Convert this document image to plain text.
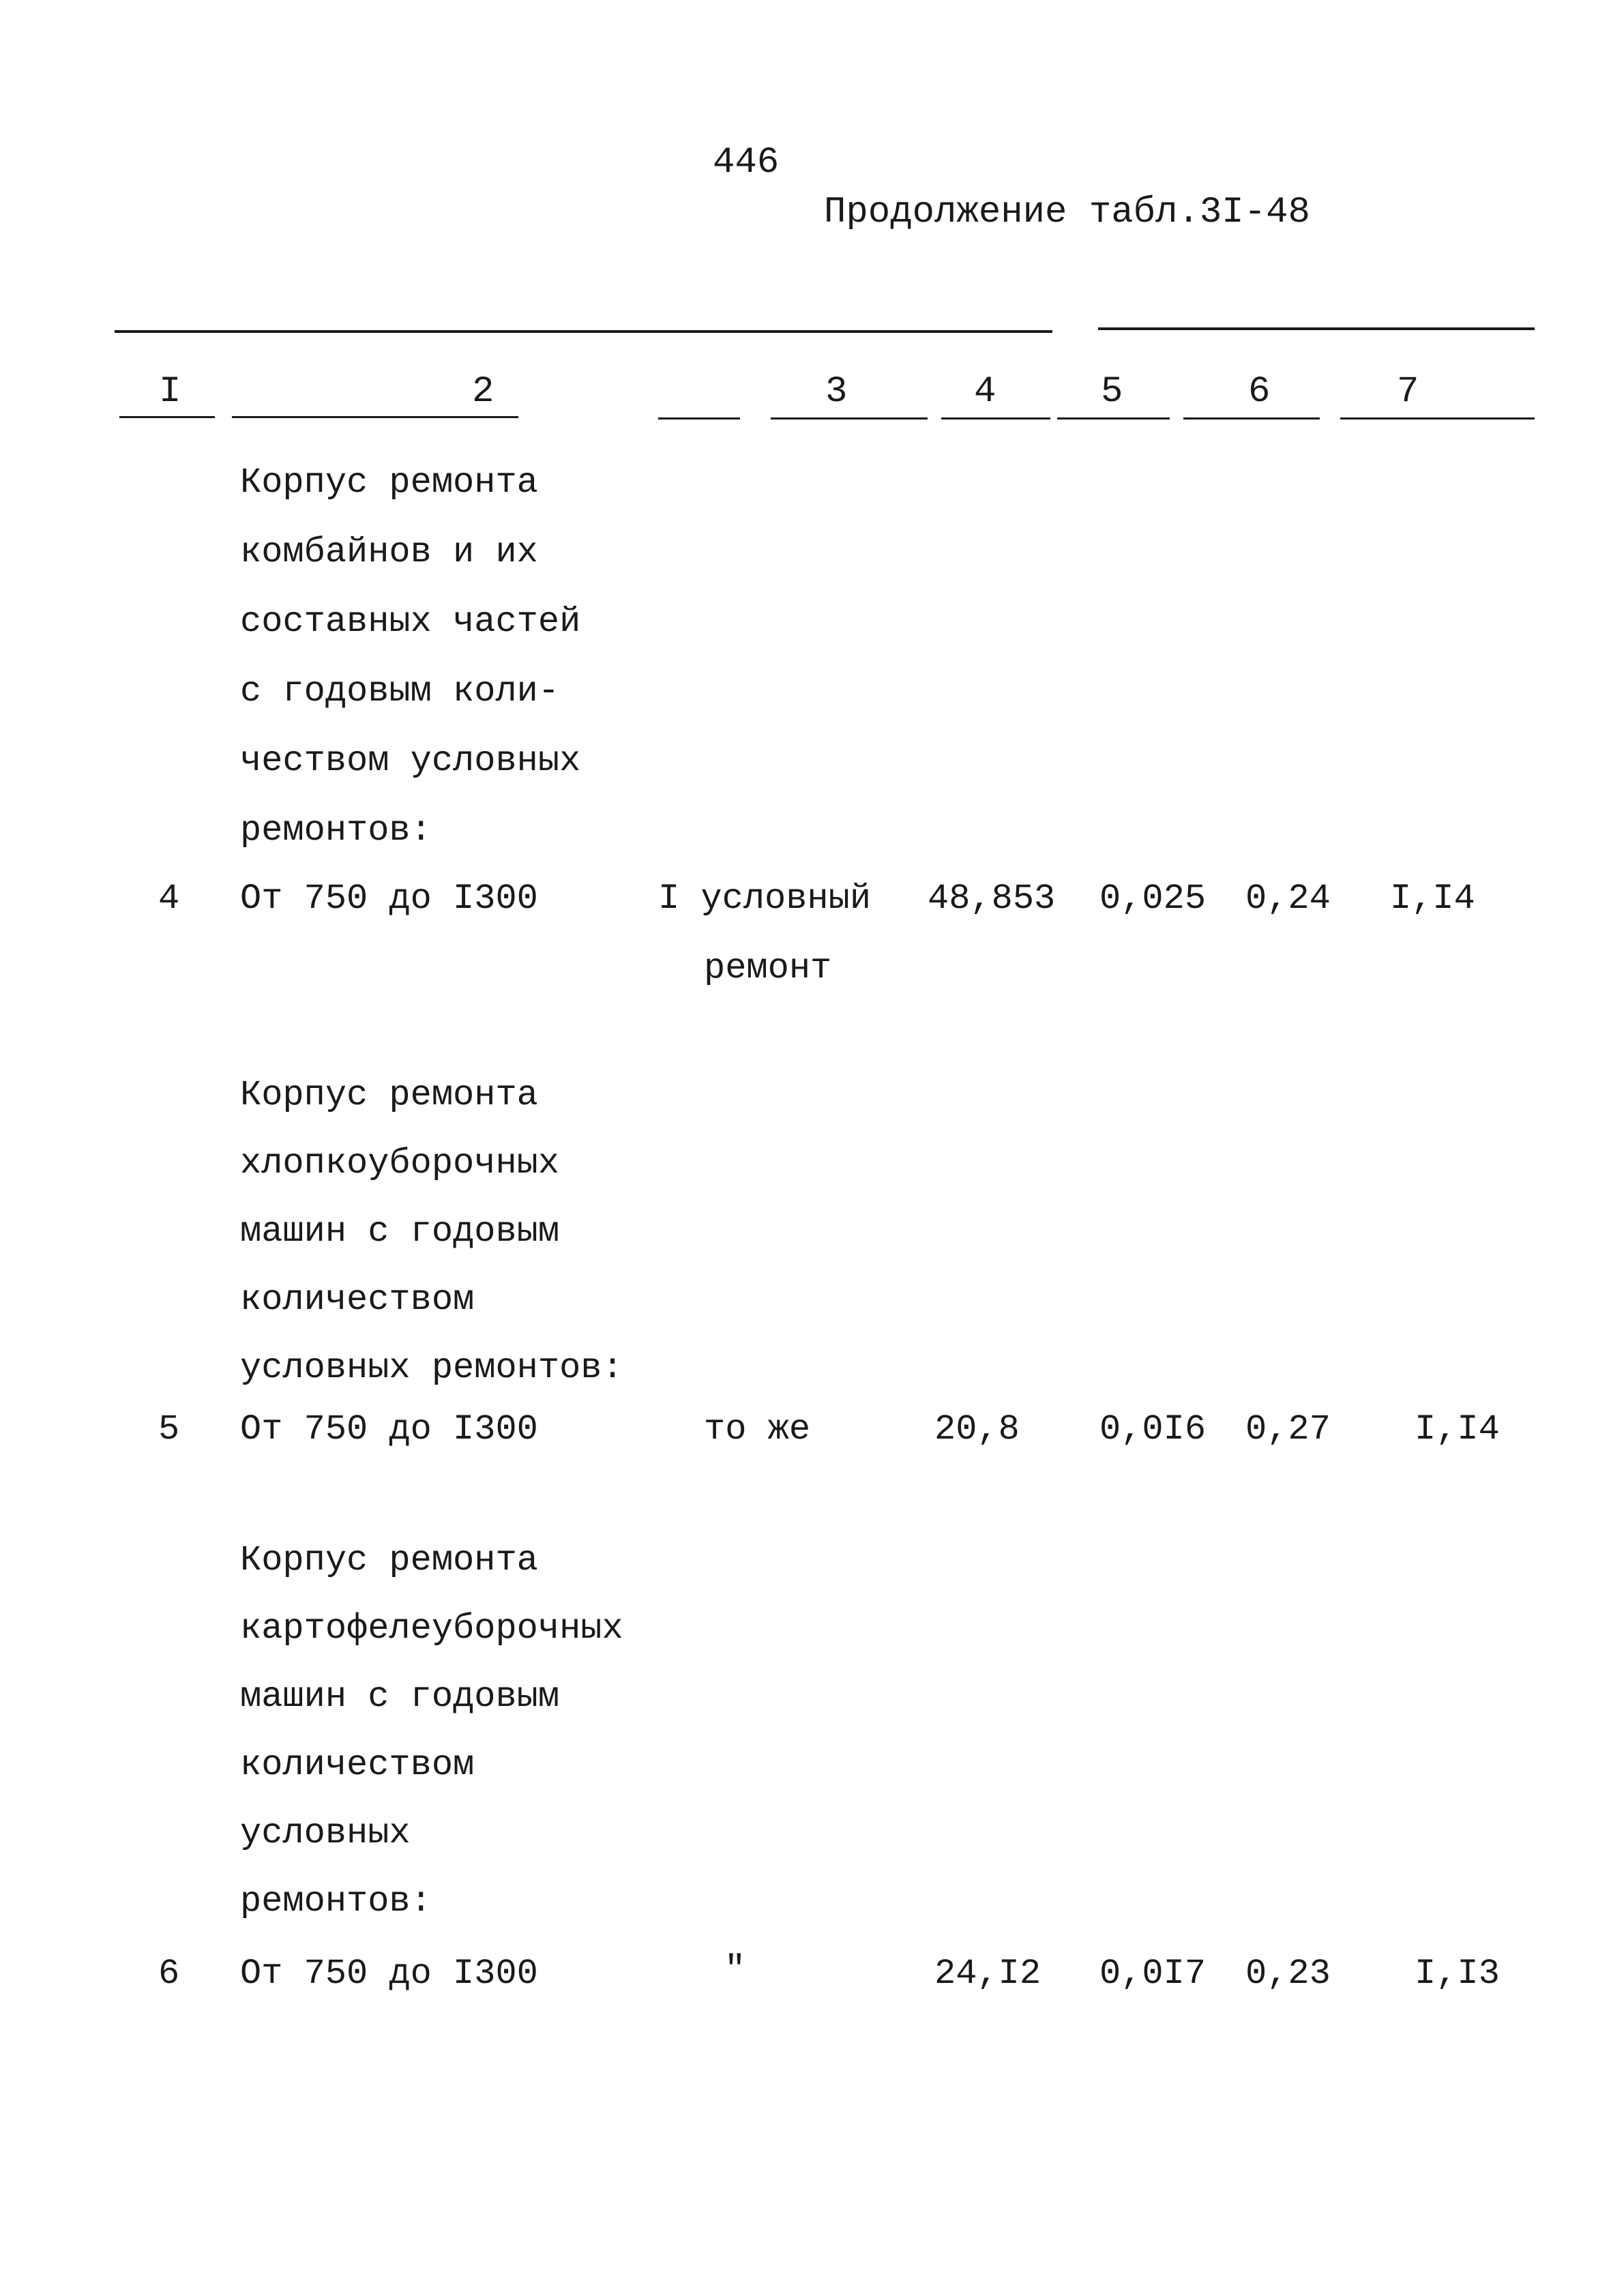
446
Продолжение табл.3I-48
I	2	3	4	5	6	7
Корпус ремонта
комбайнов и их
составных частей
с годовым коли-
чеством условных
ремонтов:
4 От 750 до I300	I условный
ремонт
48,853 0,025 0,24 I,I4
Корпус ремонта
хлопкоуборочных
машин с годовым
количеством
условных ремонтов:
5 От 750 до I300	то же	20,8 0,0I6 0,27 I,I4
Корпус ремонта
картофелеуборочных
машин с годовым
количеством
условных
ремонтов:
6 От 750 до I300	"	24,I2 0,0I7 0,23 I,I3
